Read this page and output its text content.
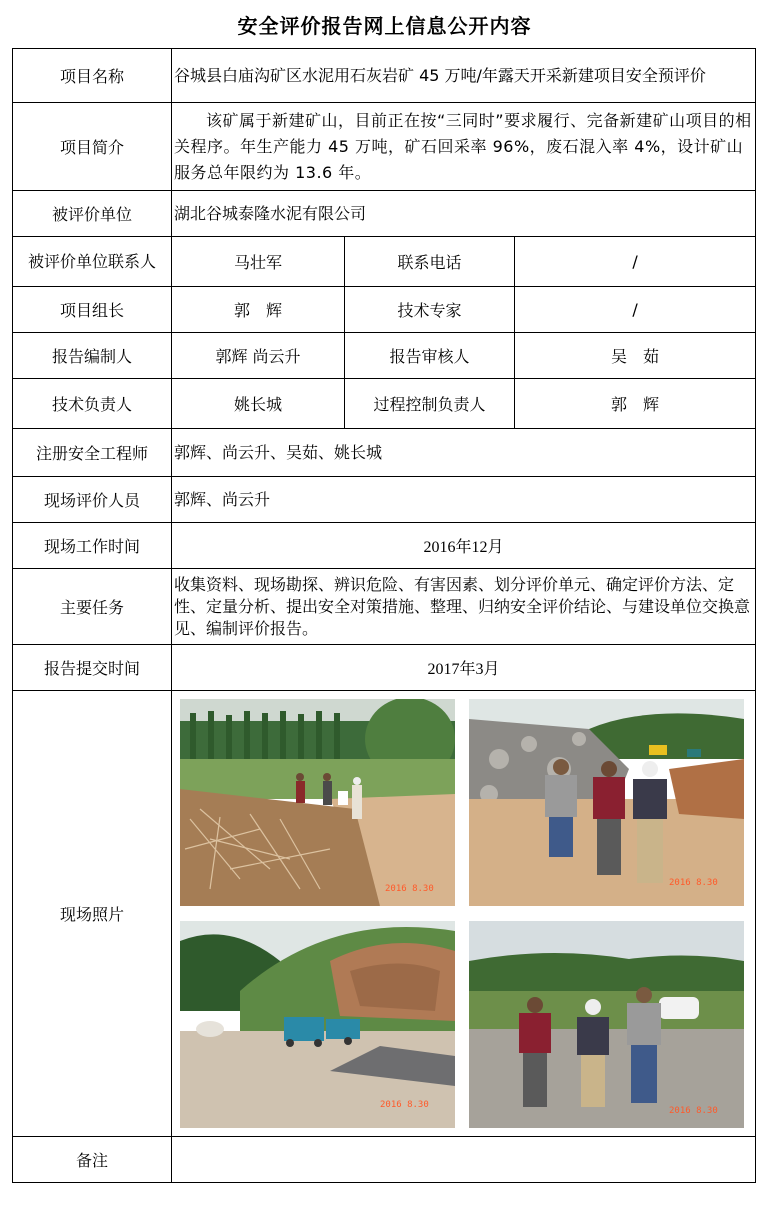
安全评价报告网上信息公开内容
项目名称	谷城县白庙沟矿区水泥用石灰岩矿 45 万吨/年露天开采新建项目安全预评价		
项目简介	该矿属于新建矿山，目前正在按“三同时”要求履行、完备新建矿山项目的相关程序。年生产能力 45 万吨，矿石回采率 96%，废石混入率 4%，设计矿山服务总年限约为 13.6 年。		
被评价单位	湖北谷城泰隆水泥有限公司		
被评价单位联系人	马壮军	联系电话	/
项目组长	郭　辉	技术专家	/
报告编制人	郭辉 尚云升	报告审核人	吴　茹
技术负责人	姚长城	过程控制负责人	郭　辉
注册安全工程师	郭辉、尚云升、吴茹、姚长城		
现场评价人员	郭辉、尚云升		
现场工作时间	2016年12月		
主要任务	收集资料、现场勘探、辨识危险、有害因素、划分评价单元、确定评价方法、定性、定量分析、提出安全对策措施、整理、归纳安全评价结论、与建设单位交换意见、编制评价报告。		
报告提交时间	2017年3月		
现场照片	2016 8.30
2016 8.30
2016 8.30
2016 8.30		

备注			
